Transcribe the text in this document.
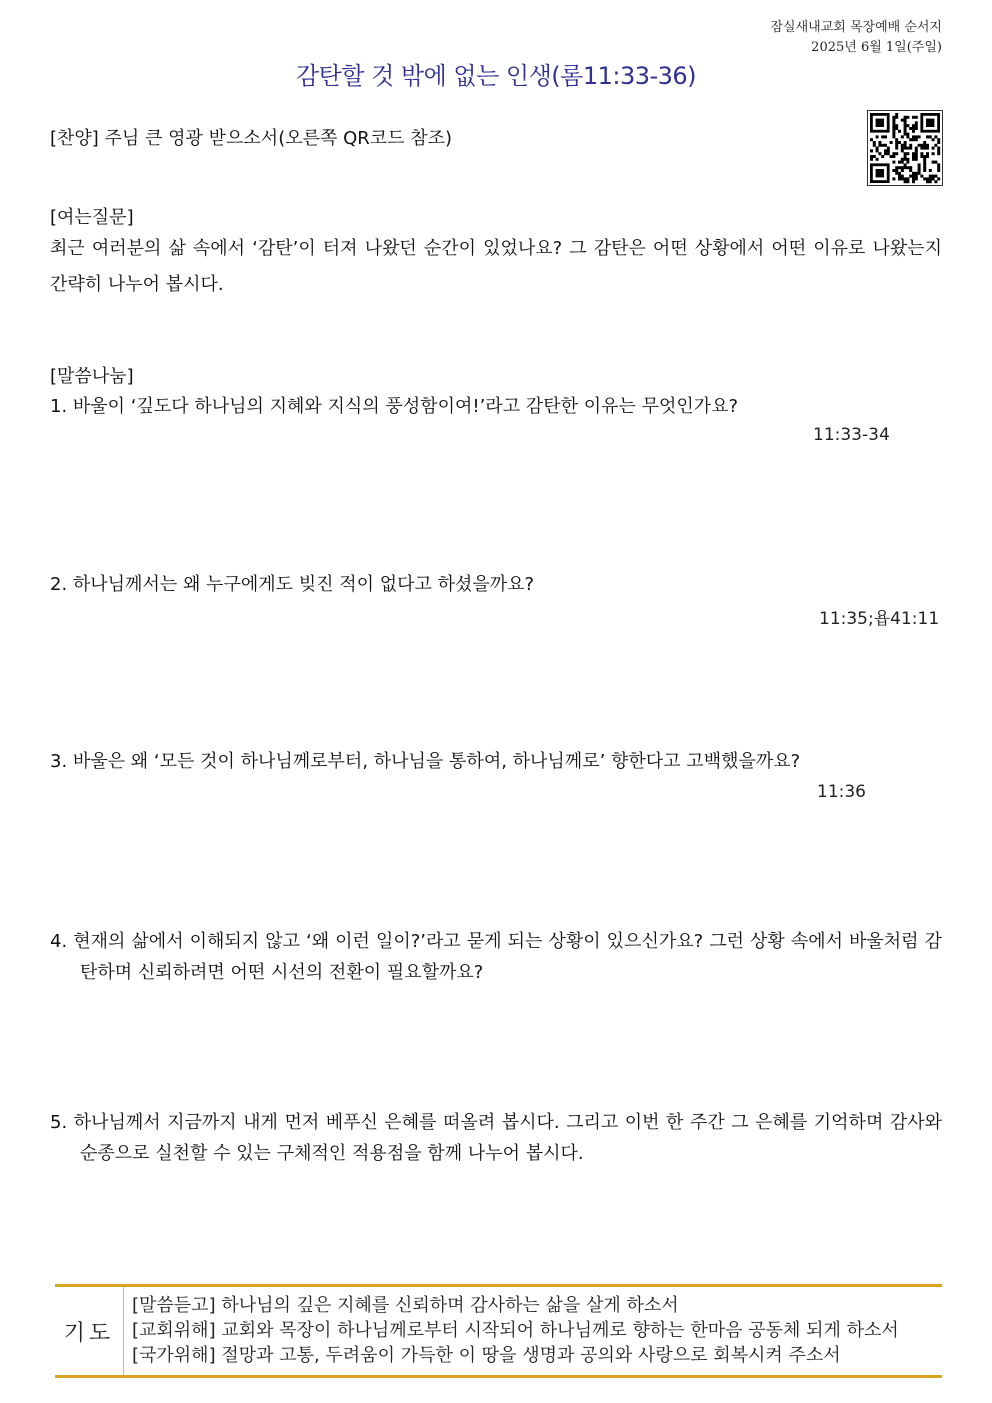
잠실새내교회 목장예배 순서지
2025년 6월 1일(주일)
감탄할 것 밖에 없는 인생(롬11:33-36)
[찬양] 주님 큰 영광 받으소서(오른쪽 QR코드 참조)
[여는질문]
최근 여러분의 삶 속에서 ‘감탄’이 터져 나왔던 순간이 있었나요? 그 감탄은 어떤 상황에서 어떤 이유로 나왔는지 간략히 나누어 봅시다.
[말씀나눔]
1. 바울이 ‘깊도다 하나님의 지혜와 지식의 풍성함이여!’라고 감탄한 이유는 무엇인가요?
11:33-34
2. 하나님께서는 왜 누구에게도 빚진 적이 없다고 하셨을까요?
11:35;욥41:11
3. 바울은 왜 ‘모든 것이 하나님께로부터, 하나님을 통하여, 하나님께로’ 향한다고 고백했을까요?
11:36
4. 현재의 삶에서 이해되지 않고 ‘왜 이런 일이?’라고 묻게 되는 상황이 있으신가요? 그런 상황 속에서 바울처럼 감탄하며 신뢰하려면 어떤 시선의 전환이 필요할까요?
5. 하나님께서 지금까지 내게 먼저 베푸신 은혜를 떠올려 봅시다. 그리고 이번 한 주간 그 은혜를 기억하며 감사와 순종으로 실천할 수 있는 구체적인 적용점을 함께 나누어 봅시다.
기도
[말씀듣고] 하나님의 깊은 지혜를 신뢰하며 감사하는 삶을 살게 하소서
[교회위해] 교회와 목장이 하나님께로부터 시작되어 하나님께로 향하는 한마음 공동체 되게 하소서
[국가위해] 절망과 고통, 두려움이 가득한 이 땅을 생명과 공의와 사랑으로 회복시켜 주소서
